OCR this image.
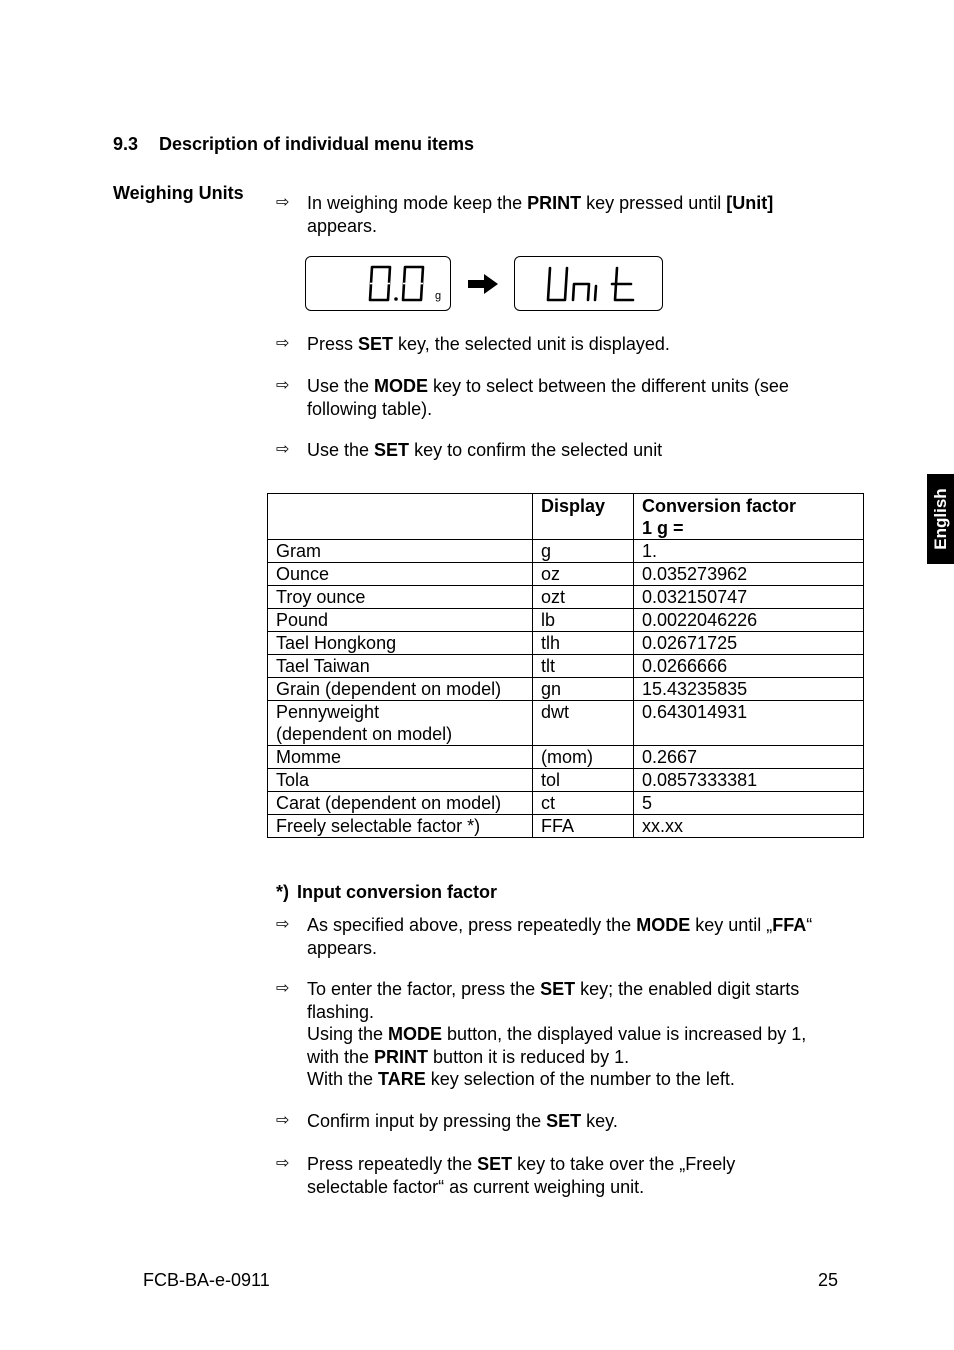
9.3 Description of individual menu items
Weighing Units ⇨ In weighing mode keep the PRINT key pressed until [Unit]
appears.
g
⇨ Press SET key, the selected unit is displayed.
⇨ Use the MODE key to select between the different units (see
following table).
⇨ Use the SET key to confirm the selected unit
	Display	Conversion factor
1 g =
Gram	g	1.
Ounce	oz	0.035273962
Troy ounce	ozt	0.032150747
Pound	lb	0.0022046226
Tael Hongkong	tlh	0.02671725
Tael Taiwan	tlt	0.0266666
Grain (dependent on model)	gn	15.43235835
Pennyweight
(dependent on model)	dwt	0.643014931
Momme	(mom)	0.2667
Tola	tol	0.0857333381
Carat (dependent on model)	ct	5
Freely selectable factor *)	FFA	xx.xx
*) Input conversion factor
⇨ As specified above, press repeatedly the MODE key until „FFA“
appears.
⇨ To enter the factor, press the SET key; the enabled digit starts
flashing.
Using the MODE button, the displayed value is increased by 1,
with the PRINT button it is reduced by 1.
With the TARE key selection of the number to the left.
⇨ Confirm input by pressing the SET key.
⇨ Press repeatedly the SET key to take over the „Freely
selectable factor“ as current weighing unit.
English
FCB-BA-e-0911	25
